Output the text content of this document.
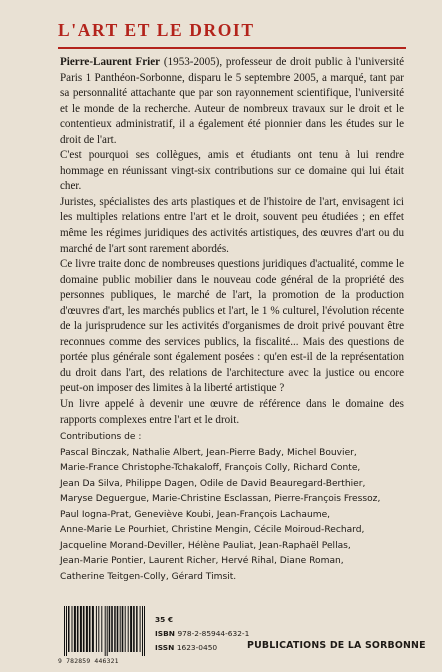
L'ART ET LE DROIT

Pierre-Laurent Frier (1953-2005), professeur de droit public à l'université Paris 1 Panthéon-Sorbonne, disparu le 5 septembre 2005, a marqué, tant par sa personnalité attachante que par son rayonnement scientifique, l'université et le monde de la recherche. Auteur de nombreux travaux sur le droit et le contentieux administratif, il a également été pionnier dans les études sur le droit de l'art.

C'est pourquoi ses collègues, amis et étudiants ont tenu à lui rendre hommage en réunissant vingt-six contributions sur ce domaine qui lui était cher.

Juristes, spécialistes des arts plastiques et de l'histoire de l'art, envisagent ici les multiples relations entre l'art et le droit, souvent peu étudiées ; en effet même les régimes juridiques des activités artistiques, des œuvres d'art ou du marché de l'art sont rarement abordés.

Ce livre traite donc de nombreuses questions juridiques d'actualité, comme le domaine public mobilier dans le nouveau code général de la propriété des personnes publiques, le marché de l'art, la promotion de la production d'œuvres d'art, les marchés publics et l'art, le 1 % culturel, l'évolution récente de la jurisprudence sur les activités d'organismes de droit privé pouvant être reconnues comme des services publics, la fiscalité... Mais des questions de portée plus générale sont également posées : qu'en est-il de la représentation du droit dans l'art, des relations de l'architecture avec la justice ou encore peut-on imposer des limites à la liberté artistique ?

Un livre appelé à devenir une œuvre de référence dans le domaine des rapports complexes entre l'art et le droit.

Contributions de :
Pascal Binczak, Nathalie Albert, Jean-Pierre Bady, Michel Bouvier,
Marie-France Christophe-Tchakaloff, François Colly, Richard Conte,
Jean Da Silva, Philippe Dagen, Odile de David Beauregard-Berthier,
Maryse Deguergue, Marie-Christine Esclassan, Pierre-François Fressoz,
Paul Iogna-Prat, Geneviève Koubi, Jean-François Lachaume,
Anne-Marie Le Pourhiet, Christine Mengin, Cécile Moiroud-Rechard,
Jacqueline Morand-Deviller, Hélène Pauliat, Jean-Raphaël Pellas,
Jean-Marie Pontier, Laurent Richer, Hervé Rihal, Diane Roman,
Catherine Teitgen-Colly, Gérard Timsit.
9 782859 446321
35 €
ISBN 978-2-85944-632-1
ISSN 1623-0450	PUBLICATIONS DE LA SORBONNE
